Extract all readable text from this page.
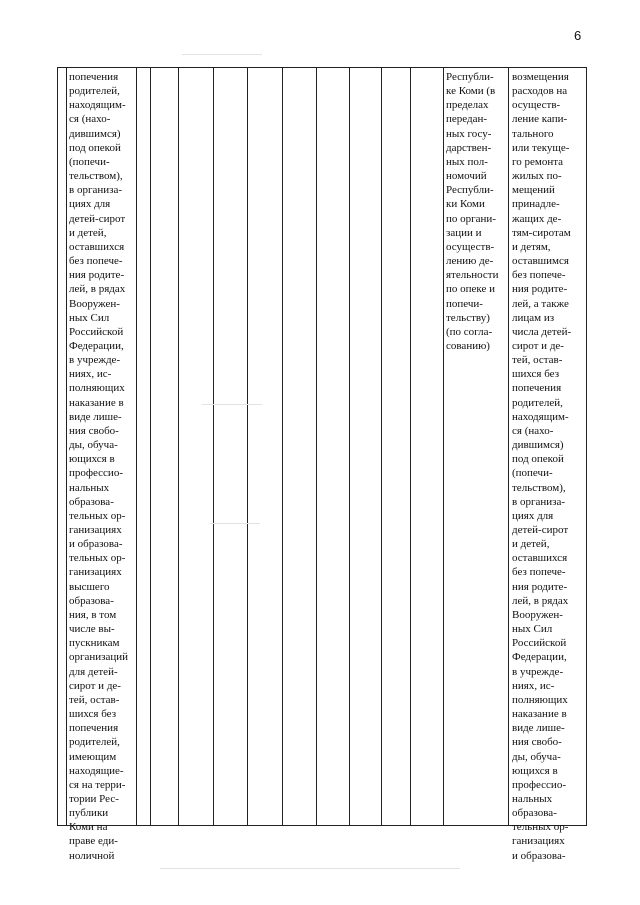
6
попечения
родителей,
находящим-
ся (нахо-
дившимся)
под опекой
(попечи-
тельством),
в организа-
циях для
детей-сирот
и детей,
оставшихся
без попече-
ния родите-
лей, в рядах
Вооружен-
ных Сил
Российской
Федерации,
в учрежде-
ниях, ис-
полняющих
наказание в
виде лише-
ния свобо-
ды, обуча-
ющихся в
профессио-
нальных
образова-
тельных ор-
ганизациях
и образова-
тельных ор-
ганизациях
высшего
образова-
ния, в том
числе вы-
пускникам
организаций
для детей-
сирот и де-
тей, остав-
шихся без
попечения
родителей,
имеющим
находящие-
ся на терри-
тории Рес-
публики
Коми на
праве еди-
ноличной
Республи-
ке Коми (в
пределах
передан-
ных госу-
дарствен-
ных пол-
номочий
Республи-
ки Коми
по органи-
зации и
осуществ-
лению де-
ятельности
по опеке и
попечи-
тельству)
(по согла-
сованию)
возмещения
расходов на
осуществ-
ление капи-
тального
или текуще-
го ремонта
жилых по-
мещений
принадле-
жащих де-
тям-сиротам
и детям,
оставшимся
без попече-
ния родите-
лей, а также
лицам из
числа детей-
сирот и де-
тей, остав-
шихся без
попечения
родителей,
находящим-
ся (нахо-
дившимся)
под опекой
(попечи-
тельством),
в организа-
циях для
детей-сирот
и детей,
оставшихся
без попече-
ния родите-
лей, в рядах
Вооружен-
ных Сил
Российской
Федерации,
в учрежде-
ниях, ис-
полняющих
наказание в
виде лише-
ния свобо-
ды, обуча-
ющихся в
профессио-
нальных
образова-
тельных ор-
ганизациях
и образова-
